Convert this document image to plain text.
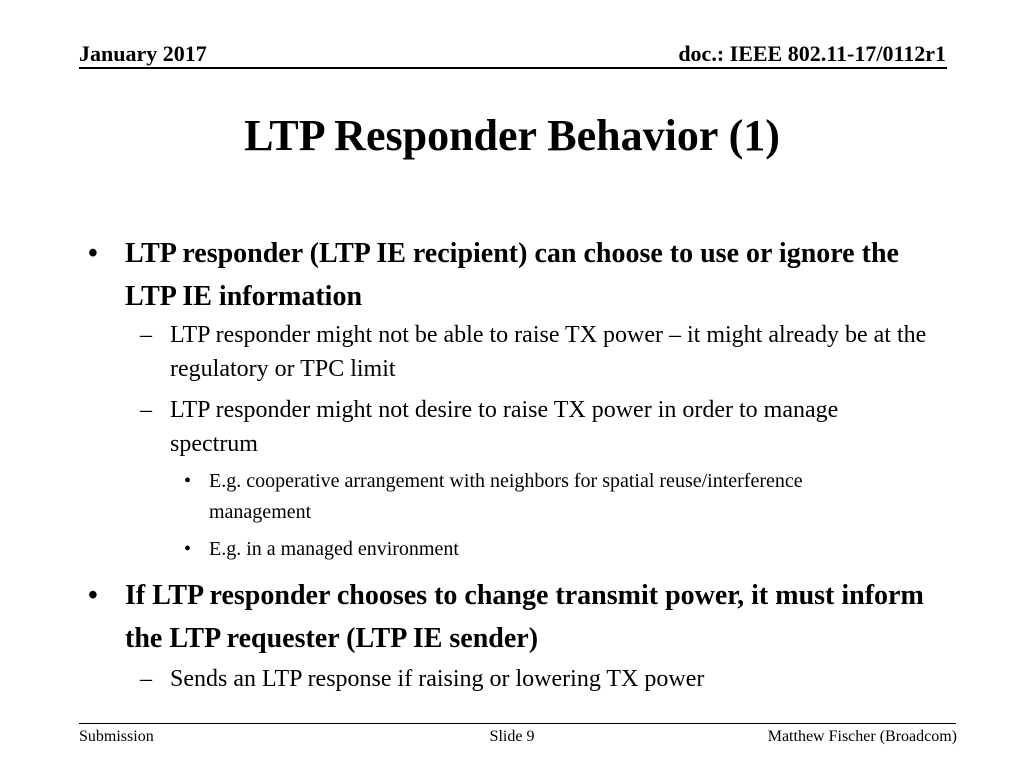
January 2017	doc.: IEEE 802.11-17/0112r1
LTP Responder Behavior (1)
• LTP responder (LTP IE recipient) can choose to use or ignore the LTP IE information
– LTP responder might not be able to raise TX power – it might already be at the regulatory or TPC limit
– LTP responder might not desire to raise TX power in order to manage spectrum
• E.g. cooperative arrangement with neighbors for spatial reuse/interference management
• E.g. in a managed environment
• If LTP responder chooses to change transmit power, it must inform the LTP requester (LTP IE sender)
– Sends an LTP response if raising or lowering TX power
Submission	Slide 9	Matthew Fischer (Broadcom)
